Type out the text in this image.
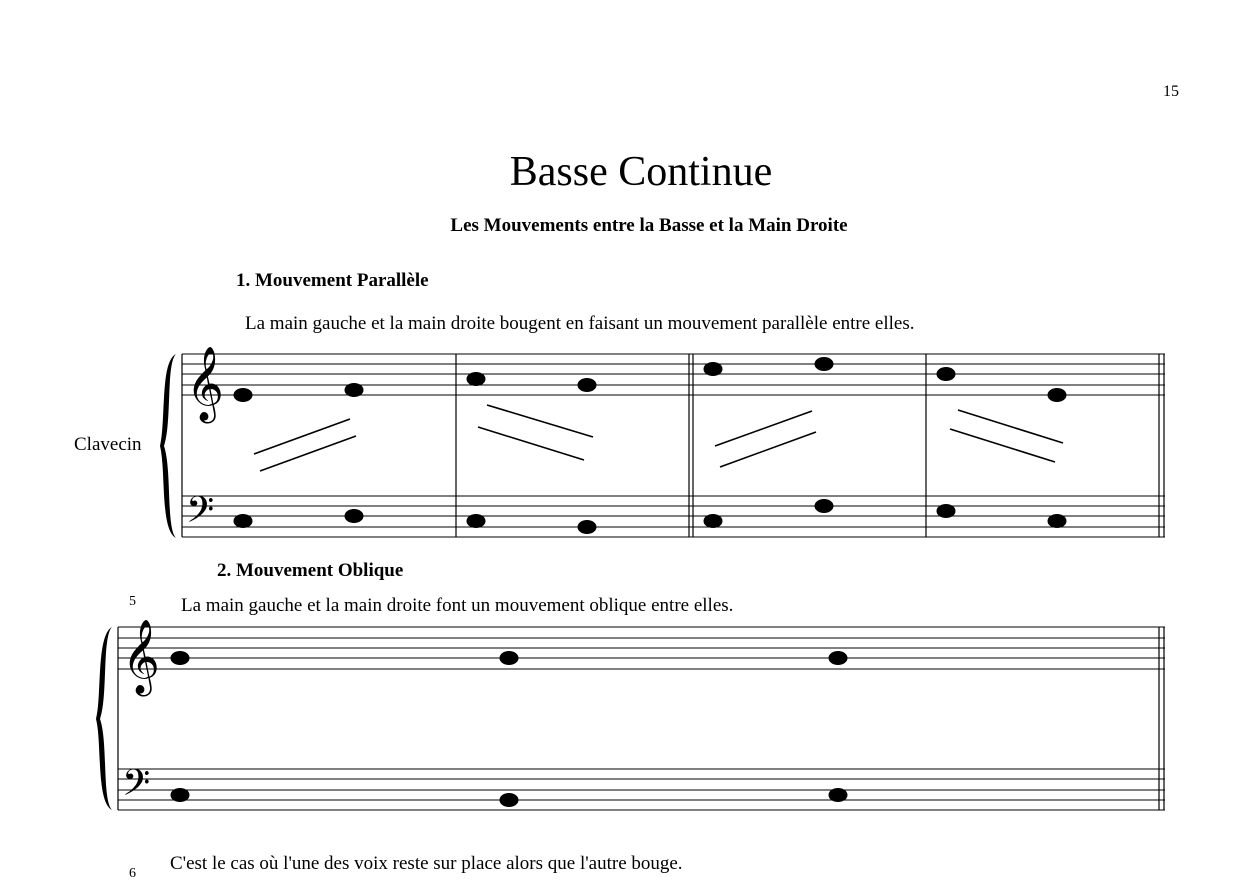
15
Basse Continue
Les Mouvements entre la Basse et la Main Droite
1. Mouvement Parallèle
La main gauche et la main droite bougent en faisant un mouvement parallèle entre elles.
Clavecin
2. Mouvement Oblique
5 La main gauche et la main droite font un mouvement oblique entre elles.
6 C'est le cas où l'une des voix reste sur place alors que l'autre bouge.
𝄞
𝄢
𝄞
𝄢
